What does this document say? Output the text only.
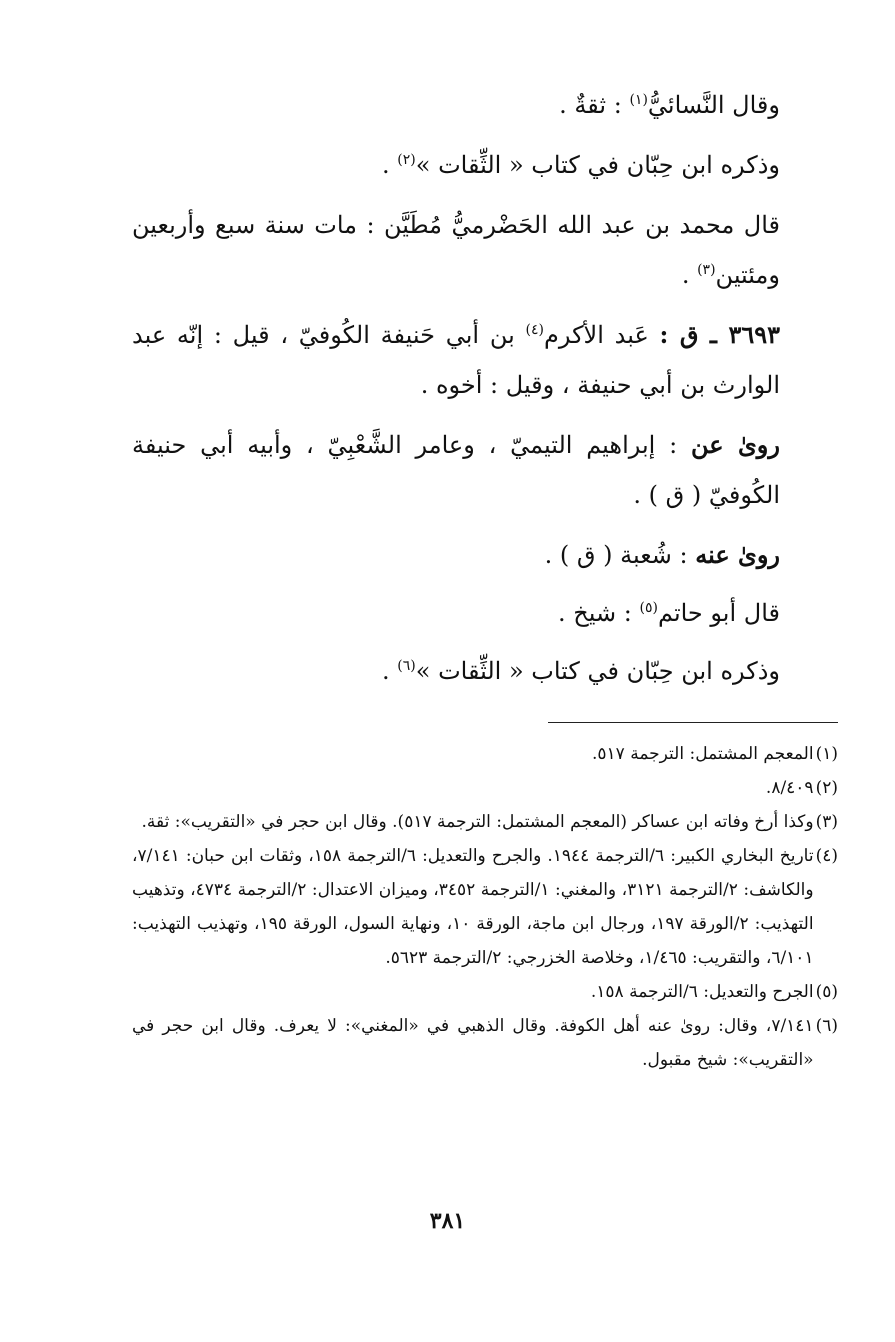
وقال النَّسائيُّ$^{(١)}$ : ثقةٌ .

وذكره ابن حِبّان في كتاب « الثِّقات »$^{(٢)}$ .

قال محمد بن عبد الله الحَضْرميُّ مُطَيَّن : مات سنة سبع وأربعين ومئتين$^{(٣)}$ .

٣٦٩٣ ـ ق : عَبد الأكرم$^{(٤)}$ بن أبي حَنيفة الكُوفيّ ، قيل : إنّه عبد الوارث بن أبي حنيفة ، وقيل : أخوه .

روىٰ عن : إبراهيم التيميّ ، وعامر الشَّعْبِيّ ، وأبيه أبي حنيفة الكُوفيّ ( ق ) .

روىٰ عنه : شُعبة ( ق ) .

قال أبو حاتم$^{(٥)}$ : شيخ .

وذكره ابن حِبّان في كتاب « الثِّقات »$^{(٦)}$ .

(١)
المعجم المشتمل: الترجمة ٥١٧.
(٢)
٨/٤٠٩.
(٣)
وكذا أرخ وفاته ابن عساكر (المعجم المشتمل: الترجمة ٥١٧). وقال ابن حجر في «التقريب»: ثقة.
(٤)
تاريخ البخاري الكبير: ٦/الترجمة ١٩٤٤. والجرح والتعديل: ٦/الترجمة ١٥٨، وثقات ابن حبان: ٧/١٤١، والكاشف: ٢/الترجمة ٣١٢١، والمغني: ١/الترجمة ٣٤٥٢، وميزان الاعتدال: ٢/الترجمة ٤٧٣٤، وتذهيب التهذيب: ٢/الورقة ١٩٧، ورجال ابن ماجة، الورقة ١٠، ونهاية السول، الورقة ١٩٥، وتهذيب التهذيب: ٦/١٠١، والتقريب: ١/٤٦٥، وخلاصة الخزرجي: ٢/الترجمة ٥٦٢٣.
(٥)
الجرح والتعديل: ٦/الترجمة ١٥٨.
(٦)
٧/١٤١، وقال: روىٰ عنه أهل الكوفة. وقال الذهبي في «المغني»: لا يعرف. وقال ابن حجر في «التقريب»: شيخ مقبول.
٣٨١
